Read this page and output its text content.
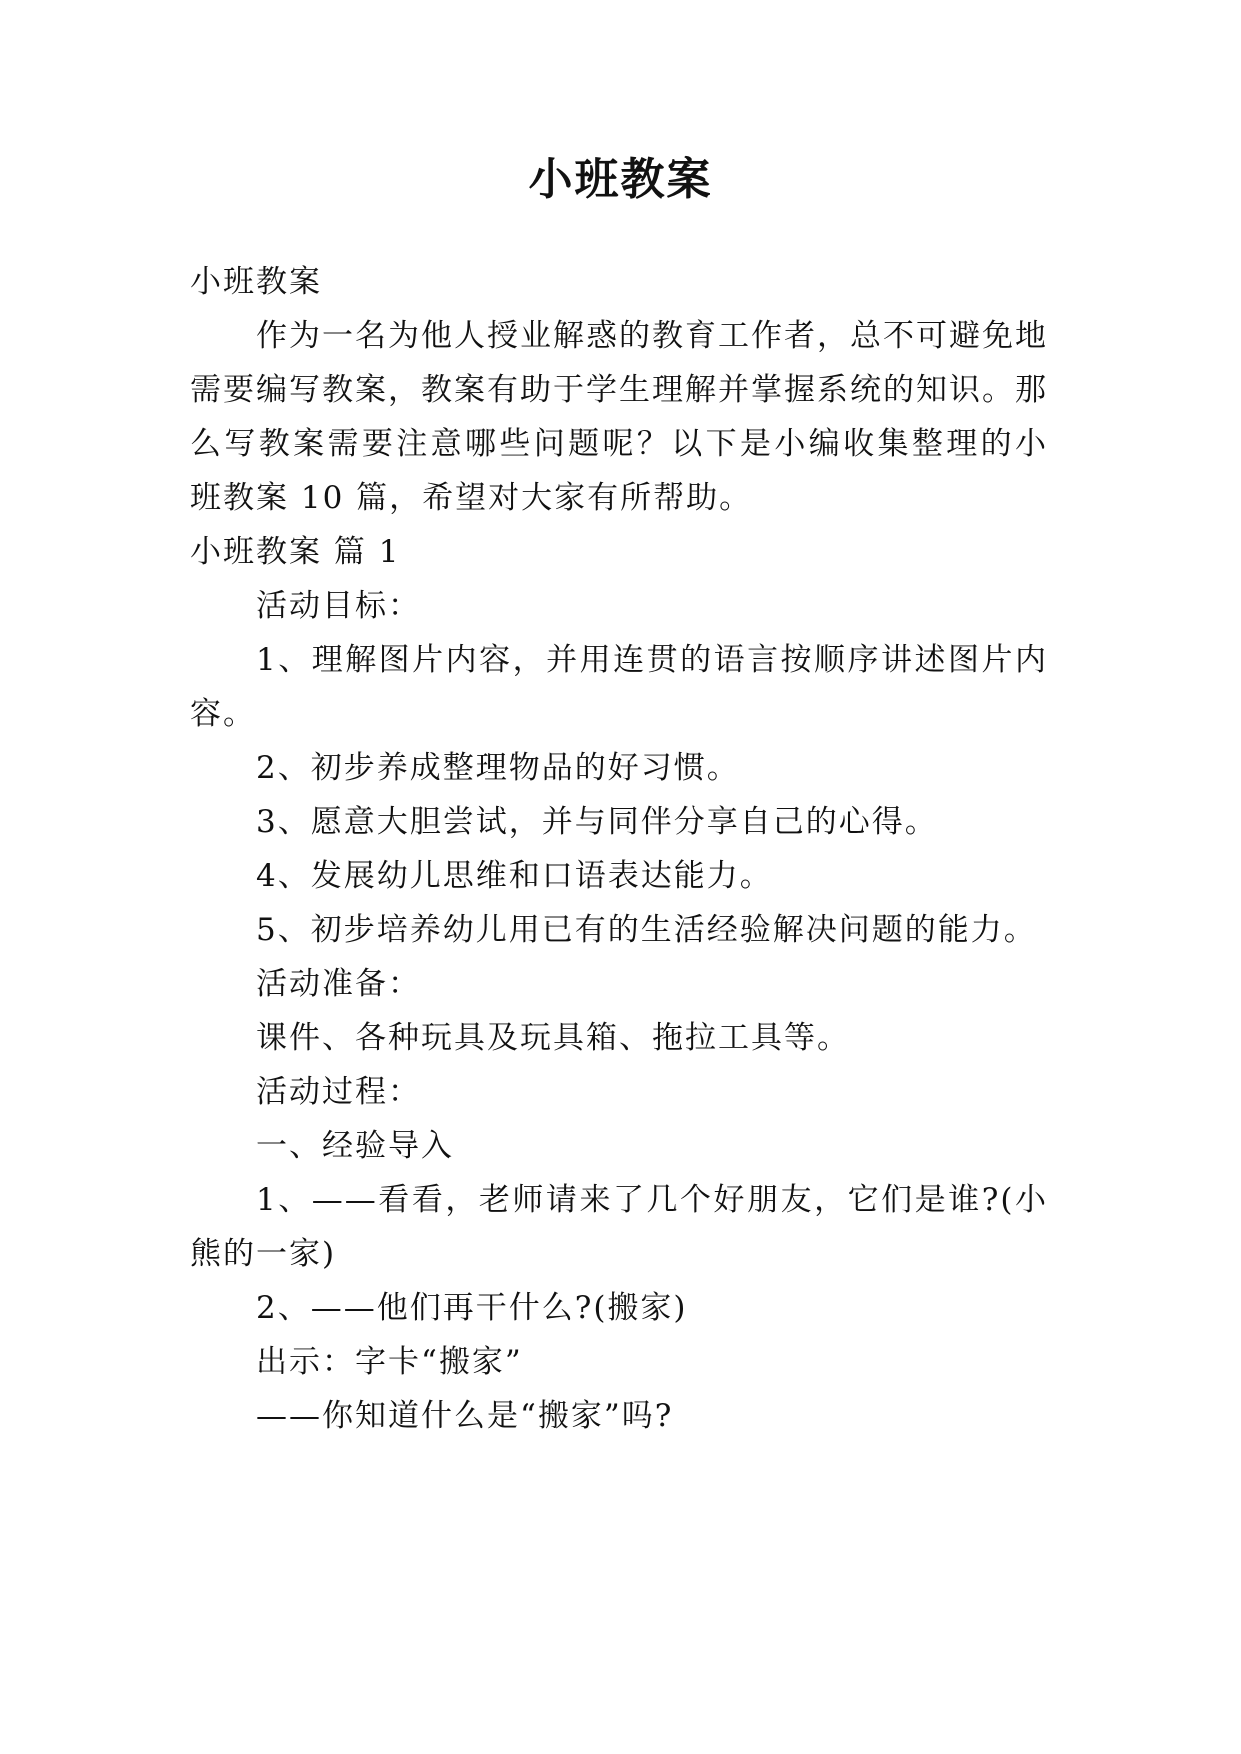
小班教案
小班教案
作为一名为他人授业解惑的教育工作者，总不可避免地
需要编写教案，教案有助于学生理解并掌握系统的知识。那
么写教案需要注意哪些问题呢？以下是小编收集整理的小
班教案 10 篇，希望对大家有所帮助。
小班教案 篇 1
活动目标：
1、理解图片内容，并用连贯的语言按顺序讲述图片内
容。
2、初步养成整理物品的好习惯。
3、愿意大胆尝试，并与同伴分享自己的心得。
4、发展幼儿思维和口语表达能力。
5、初步培养幼儿用已有的生活经验解决问题的能力。
活动准备：
课件、各种玩具及玩具箱、拖拉工具等。
活动过程：
一、经验导入
1、——看看，老师请来了几个好朋友，它们是谁?(小
熊的一家)
2、——他们再干什么?(搬家)
出示：字卡“搬家”
——你知道什么是“搬家”吗?
